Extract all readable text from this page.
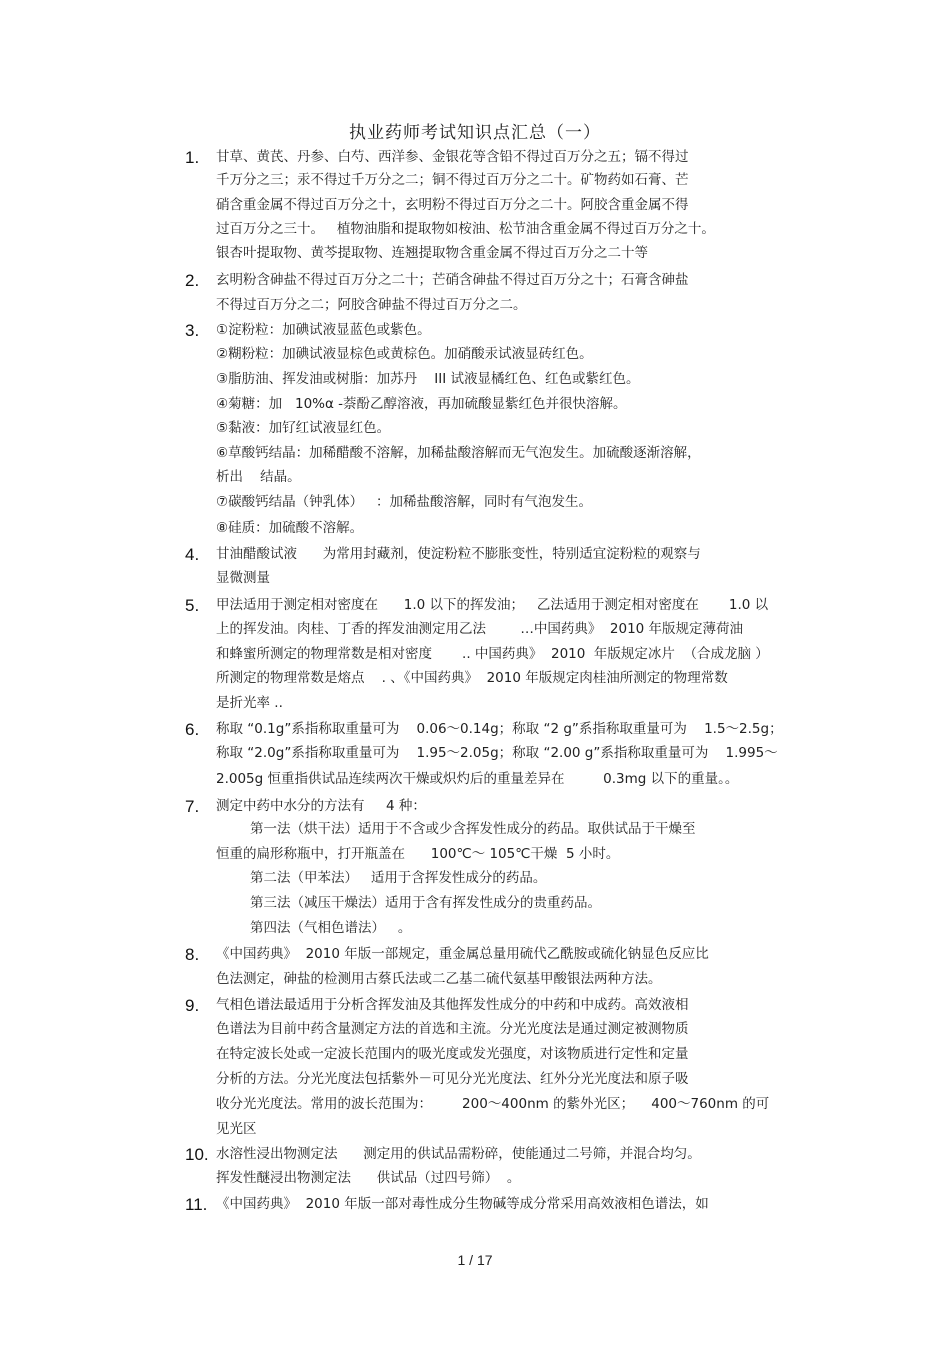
执业药师考试知识点汇总（一）
1. 甘草、黄芪、丹参、白芍、西洋参、金银花等含铅不得过百万分之五；镉不得过
千万分之三；汞不得过千万分之二；铜不得过百万分之二十。矿物药如石膏、芒
硝含重金属不得过百万分之十，玄明粉不得过百万分之二十。阿胶含重金属不得
过百万分之三十。   植物油脂和提取物如桉油、松节油含重金属不得过百万分之十。
银杏叶提取物、黄芩提取物、连翘提取物含重金属不得过百万分之二十等
2. 玄明粉含砷盐不得过百万分之二十；芒硝含砷盐不得过百万分之十；石膏含砷盐
不得过百万分之二；阿胶含砷盐不得过百万分之二。
3. ①淀粉粒：加碘试液显蓝色或紫色。
②糊粉粒：加碘试液显棕色或黄棕色。加硝酸汞试液显砖红色。
③脂肪油、挥发油或树脂：加苏丹    III 试液显橘红色、红色或紫红色。
④菊糖：加   10%α -萘酚乙醇溶液，再加硫酸显紫红色并很快溶解。
⑤黏液：加钌红试液显红色。
⑥草酸钙结晶：加稀醋酸不溶解，加稀盐酸溶解而无气泡发生。加硫酸逐渐溶解，
析出    结晶。
⑦碳酸钙结晶（钟乳体）   ：加稀盐酸溶解，同时有气泡发生。
⑧硅质：加硫酸不溶解。
4. 甘油醋酸试液      为常用封藏剂，使淀粉粒不膨胀变性，特别适宜淀粉粒的观察与
显微测量
5. 甲法适用于测定相对密度在      1.0 以下的挥发油；   乙法适用于测定相对密度在       1.0 以
上的挥发油。肉桂、丁香的挥发油测定用乙法        …中国药典》  2010 年版规定薄荷油
和蜂蜜所测定的物理常数是相对密度       .. 中国药典》  2010  年版规定冰片  （合成龙脑 ）
所测定的物理常数是熔点    . 、《中国药典》  2010 年版规定肉桂油所测定的物理常数
是折光率 ..
6. 称取 “0.1g”系指称取重量可为    0.06～0.14g；称取 “2 g”系指称取重量可为    1.5～2.5g；
称取 “2.0g”系指称取重量可为    1.95～2.05g；称取 “2.00 g”系指称取重量可为    1.995～
2.005g 恒重指供试品连续两次干燥或炽灼后的重量差异在         0.3mg 以下的重量。。
7. 测定中药中水分的方法有     4 种：
第一法（烘干法）适用于不含或少含挥发性成分的药品。取供试品于干燥至
恒重的扁形称瓶中，打开瓶盖在      100℃～ 105℃干燥  5 小时。
第二法（甲苯法）   适用于含挥发性成分的药品。
第三法（减压干燥法）适用于含有挥发性成分的贵重药品。
第四法（气相色谱法）   。
8. 《中国药典》  2010 年版一部规定，重金属总量用硫代乙酰胺或硫化钠显色反应比
色法测定，砷盐的检测用古蔡氏法或二乙基二硫代氨基甲酸银法两种方法。
9. 气相色谱法最适用于分析含挥发油及其他挥发性成分的中药和中成药。高效液相
色谱法为目前中药含量测定方法的首选和主流。分光光度法是通过测定被测物质
在特定波长处或一定波长范围内的吸光度或发光强度，对该物质进行定性和定量
分析的方法。分光光度法包括紫外－可见分光光度法、红外分光光度法和原子吸
收分光光度法。常用的波长范围为：       200～400nm 的紫外光区；    400～760nm 的可
见光区
10. 水溶性浸出物测定法      测定用的供试品需粉碎，使能通过二号筛，并混合均匀。
挥发性醚浸出物测定法      供试品（过四号筛）  。
11. 《中国药典》  2010 年版一部对毒性成分生物碱等成分常采用高效液相色谱法，如
1 / 17
